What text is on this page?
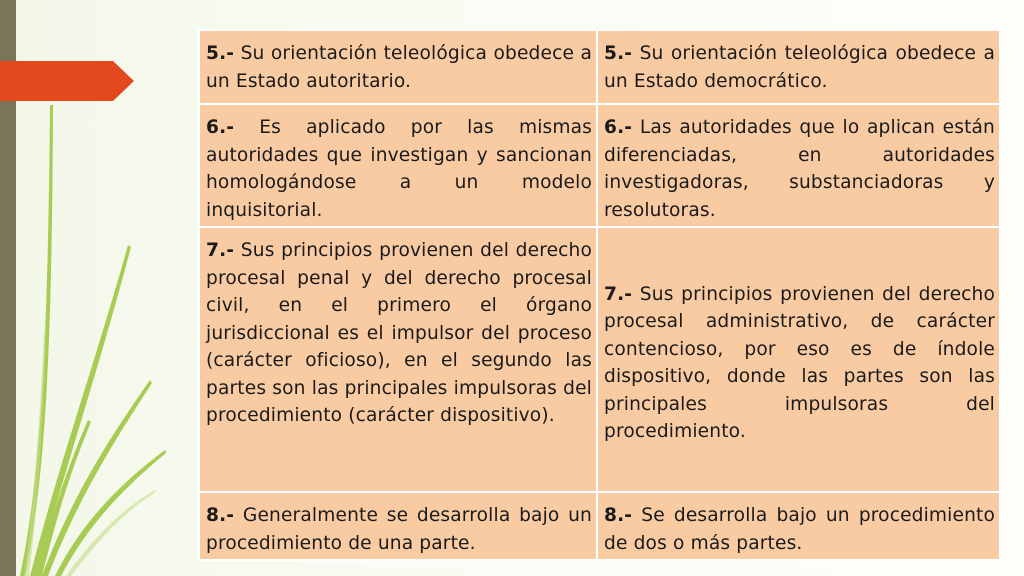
5.- Su orientación teleológica obedece a un Estado autoritario.	5.- Su orientación teleológica obedece a un Estado democrático.
6.- Es aplicado por las mismas autoridades que investigan y sancionan homologándose a un modelo inquisitorial.	6.- Las autoridades que lo aplican están diferenciadas, en autoridades investigadoras, substanciadoras y resolutoras.
7.- Sus principios provienen del derecho procesal penal y del derecho procesal civil, en el primero el órgano jurisdiccional es el impulsor del proceso (carácter oficioso), en el segundo las partes son las principales impulsoras del procedimiento (carácter dispositivo).	7.- Sus principios provienen del derecho procesal administrativo, de carácter contencioso, por eso es de índole dispositivo, donde las partes son las principales impulsoras del procedimiento.
8.- Generalmente se desarrolla bajo un procedimiento de una parte.	8.- Se desarrolla bajo un procedimiento de dos o más partes.
